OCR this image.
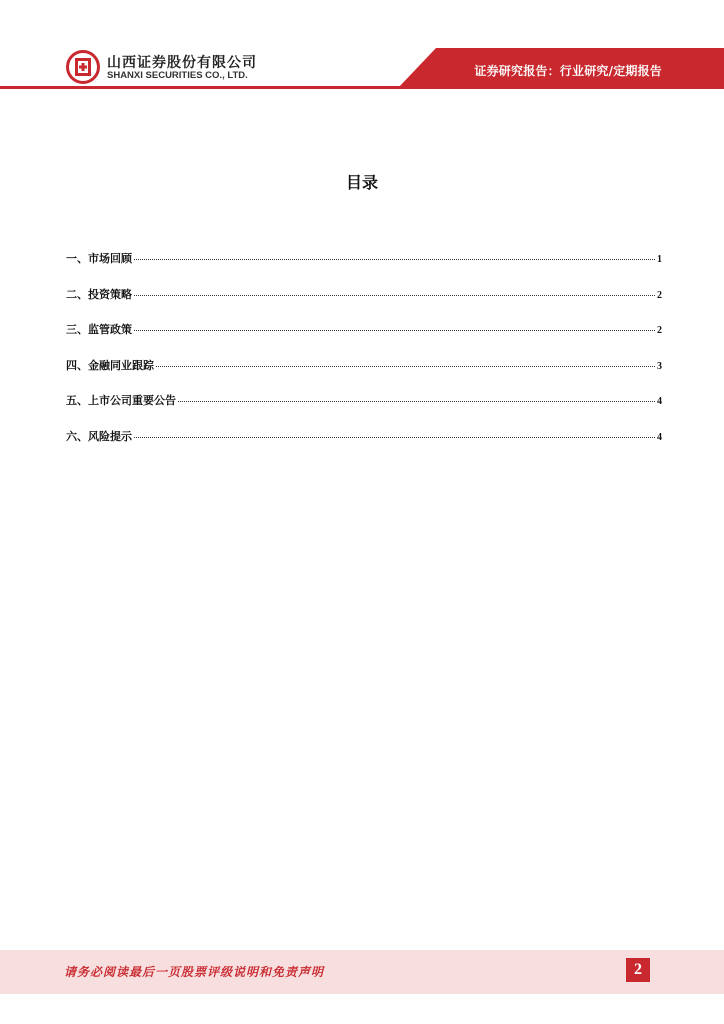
山西证券股份有限公司
SHANXI SECURITIES CO., LTD.	证券研究报告：行业研究/定期报告
目录
一、市场回顾	1
二、投资策略	2
三、监管政策	2
四、金融同业跟踪	3
五、上市公司重要公告	4
六、风险提示	4
请务必阅读最后一页股票评级说明和免责声明	2
